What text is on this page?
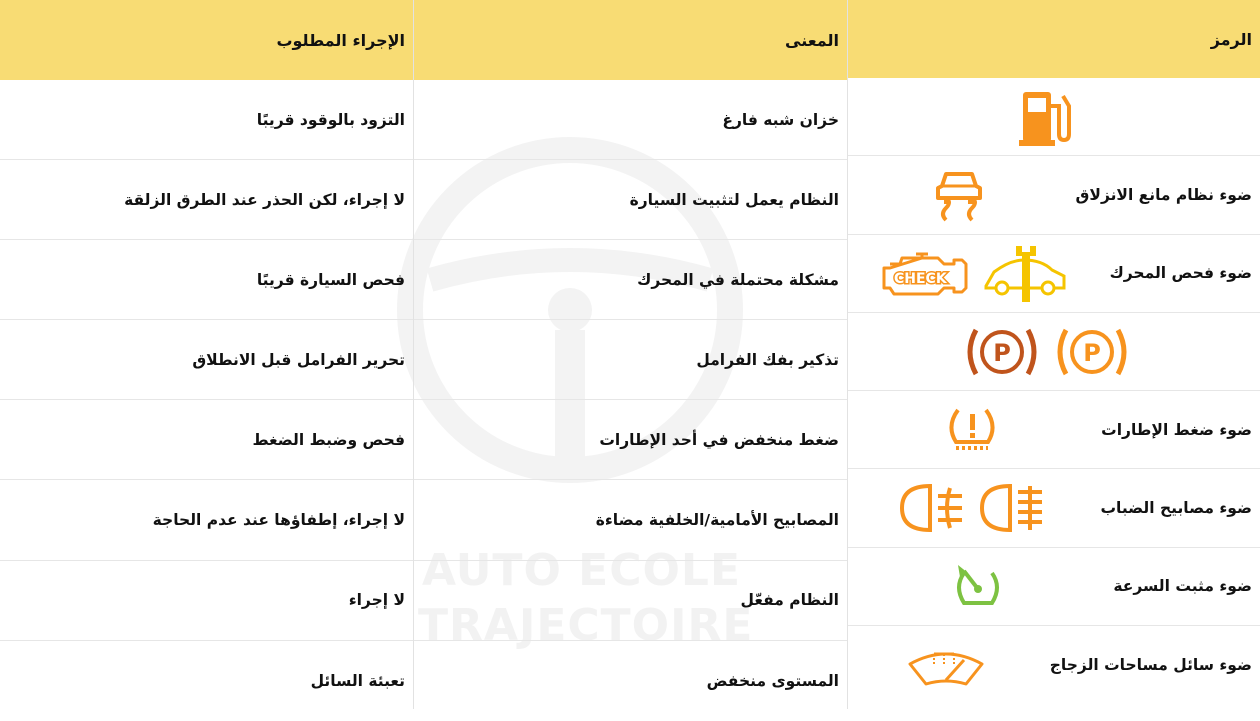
AUTO ECOLE
TRAJECTOIRE
الإجراء المطلوب
التزود بالوقود قريبًا
لا إجراء، لكن الحذر عند الطرق الزلقة
فحص السيارة قريبًا
تحرير الفرامل قبل الانطلاق
فحص وضبط الضغط
لا إجراء، إطفاؤها عند عدم الحاجة
لا إجراء
تعبئة السائل
المعنى
خزان شبه فارغ
النظام يعمل لتثبيت السيارة
مشكلة محتملة في المحرك
تذكير بفك الفرامل
ضغط منخفض في أحد الإطارات
المصابيح الأمامية/الخلفية مضاءة
النظام مفعّل
المستوى منخفض
الرمز
ضوء نظام مانع الانزلاق
ضوء فحص المحرك
CHECK
P	P
ضوء ضغط الإطارات
ضوء مصابيح الضباب
ضوء مثبت السرعة
ضوء سائل مساحات الزجاج
